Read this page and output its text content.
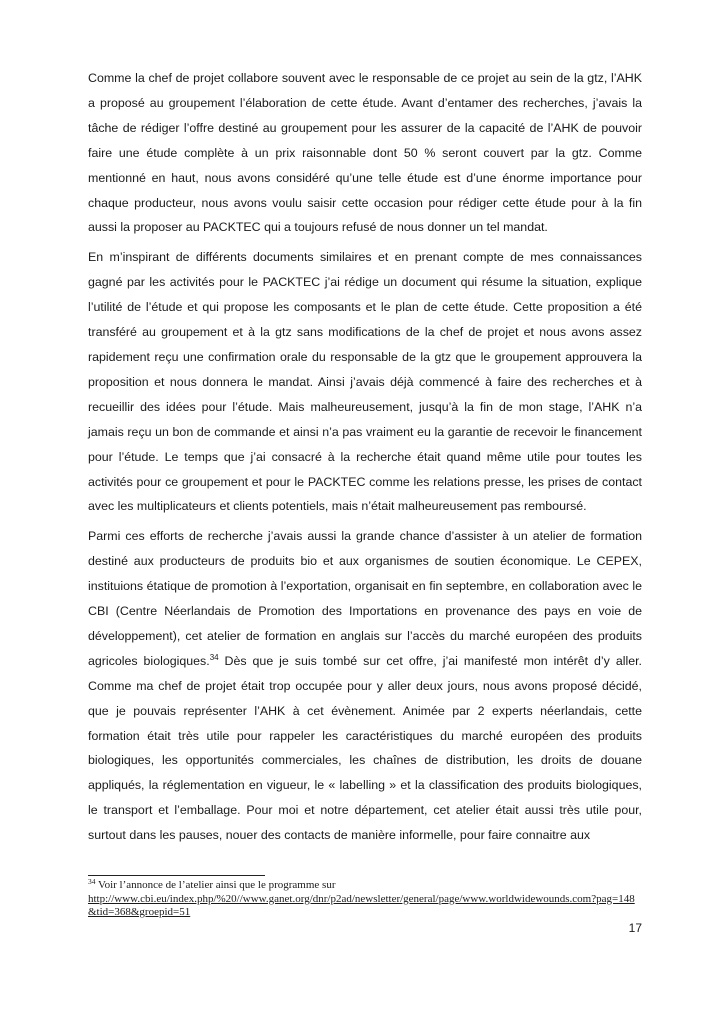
Comme la chef de projet collabore souvent avec le responsable de ce projet au sein de la gtz, l’AHK a proposé au groupement l’élaboration de cette étude. Avant d’entamer des recherches, j’avais la tâche de rédiger l’offre destiné au groupement pour les assurer de la capacité de l’AHK de pouvoir faire une étude complète à un prix raisonnable dont 50 % seront couvert par la gtz. Comme mentionné en haut, nous avons considéré qu’une telle étude est d’une énorme importance pour chaque producteur, nous avons voulu saisir cette occasion pour rédiger cette étude pour à la fin aussi la proposer au PACKTEC qui a toujours refusé de nous donner un tel mandat.

En m’inspirant de différents documents similaires et en prenant compte de mes connaissances gagné par les activités pour le PACKTEC j’ai rédige un document qui résume la situation, explique l’utilité de l’étude et qui propose les composants et le plan de cette étude. Cette proposition a été transféré au groupement et à la gtz sans modifications de la chef de projet et nous avons assez rapidement reçu une confirmation orale du responsable de la gtz que le groupement approuvera la proposition et nous donnera le mandat. Ainsi j’avais déjà commencé à faire des recherches et à recueillir des idées pour l’étude. Mais malheureusement, jusqu’à la fin de mon stage, l’AHK n’a jamais reçu un bon de commande et ainsi n’a pas vraiment eu la garantie de recevoir le financement pour l’étude. Le temps que j’ai consacré à la recherche était quand même utile pour toutes les activités pour ce groupement et pour le PACKTEC comme les relations presse, les prises de contact avec les multiplicateurs et clients potentiels, mais n’était malheureusement pas remboursé.

Parmi ces efforts de recherche j’avais aussi la grande chance d’assister à un atelier de formation destiné aux producteurs de produits bio et aux organismes de soutien économique. Le CEPEX, instituions étatique de promotion à l’exportation, organisait en fin septembre, en collaboration avec le CBI (Centre Néerlandais de Promotion des Importations en provenance des pays en voie de développement), cet atelier de formation en anglais sur l’accès du marché européen des produits agricoles biologiques.$^{34}$ Dès que je suis tombé sur cet offre, j’ai manifesté mon intérêt d’y aller. Comme ma chef de projet était trop occupée pour y aller deux jours, nous avons proposé décidé, que je pouvais représenter l’AHK à cet évènement. Animée par 2 experts néerlandais, cette formation était très utile pour rappeler les caractéristiques du marché européen des produits biologiques, les opportunités commerciales, les chaînes de distribution, les droits de douane appliqués, la réglementation en vigueur, le « labelling » et la classification des produits biologiques, le transport et l’emballage. Pour moi et notre département, cet atelier était aussi très utile pour, surtout dans les pauses, nouer des contacts de manière informelle, pour faire connaitre aux

$^{34}$ Voir l’annonce de l’atelier ainsi que le programme sur
http://www.cbi.eu/index.php/%20//www.ganet.org/dnr/p2ad/newsletter/general/page/www.worldwidewounds.com?pag=148&tid=368&groepid=51
17
